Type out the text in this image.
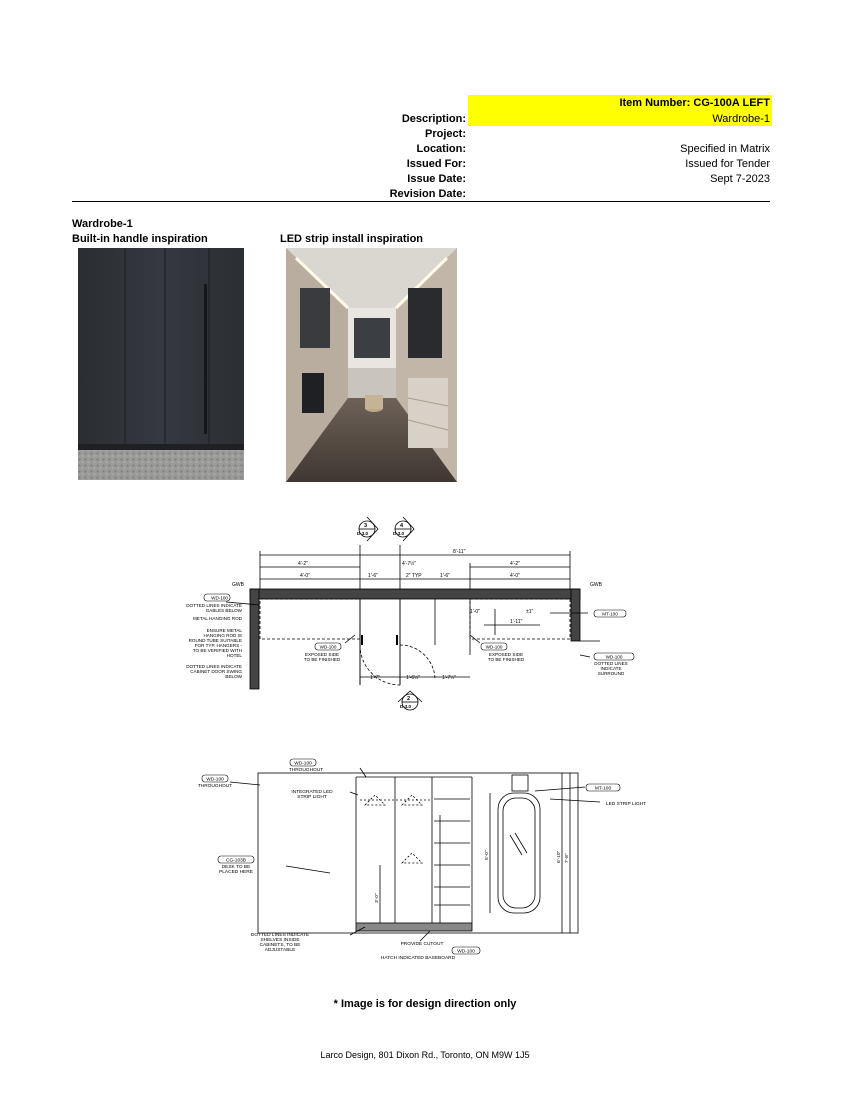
Item Number: CG-100A LEFT
Description:	Wardrobe-1
Project:
Location:	Specified in Matrix
Issued For:	Issued for Tender
Issue Date:	Sept 7-2023
Revision Date:
Wardrobe-1
Built-in handle inspiration	LED strip install inspiration
3
D-3.0
4
D-3.0
2
D-3.0
8'-11"
4'-2"	4'-2"
4'-7½"
4'-0"	1'-6"	2" TYP	1'-6"	4'-0"
GWB	GWB
1'-0"	±1"
1'-11"
1'-7"	1'-6½"	1'-7½"
WD-100
DOTTED LINES INDICATE
GABLES BELOW
METAL HANGING ROD
ENSURE METAL
HANGING ROD IS
ROUND TUBE SUITABLE
FOR TYP. HANGERS -
TO BE VERIFIED WITH
HOTEL
DOTTED LINES INDICATE
CABINET DOOR SWING
BELOW
WD-100
EXPOSED SIDE
TO BE FINISHED
WD-100
EXPOSED SIDE
TO BE FINISHED
MT-100
WD-100
DOTTED LINES
INDICATE
SURROUND
WD-100
THROUGHOUT
WD-100
THROUGHOUT
INTEGRATED LED
STRIP LIGHT
CG-103B
DESK TO BE
PLACED HERE
MT-100
LED STRIP LIGHT
DOTTED LINES INDICATE
SHELVES INSIDE
CABINETS, TO BE
ADJUSTABLE
PROVIDE CUTOUT
WD-100
HATCH INDICATED BASEBOARD
6'-10" 7'-8"
5'-0"
3'-0"
* Image is for design direction only
Larco Design, 801 Dixon Rd., Toronto, ON M9W 1J5
